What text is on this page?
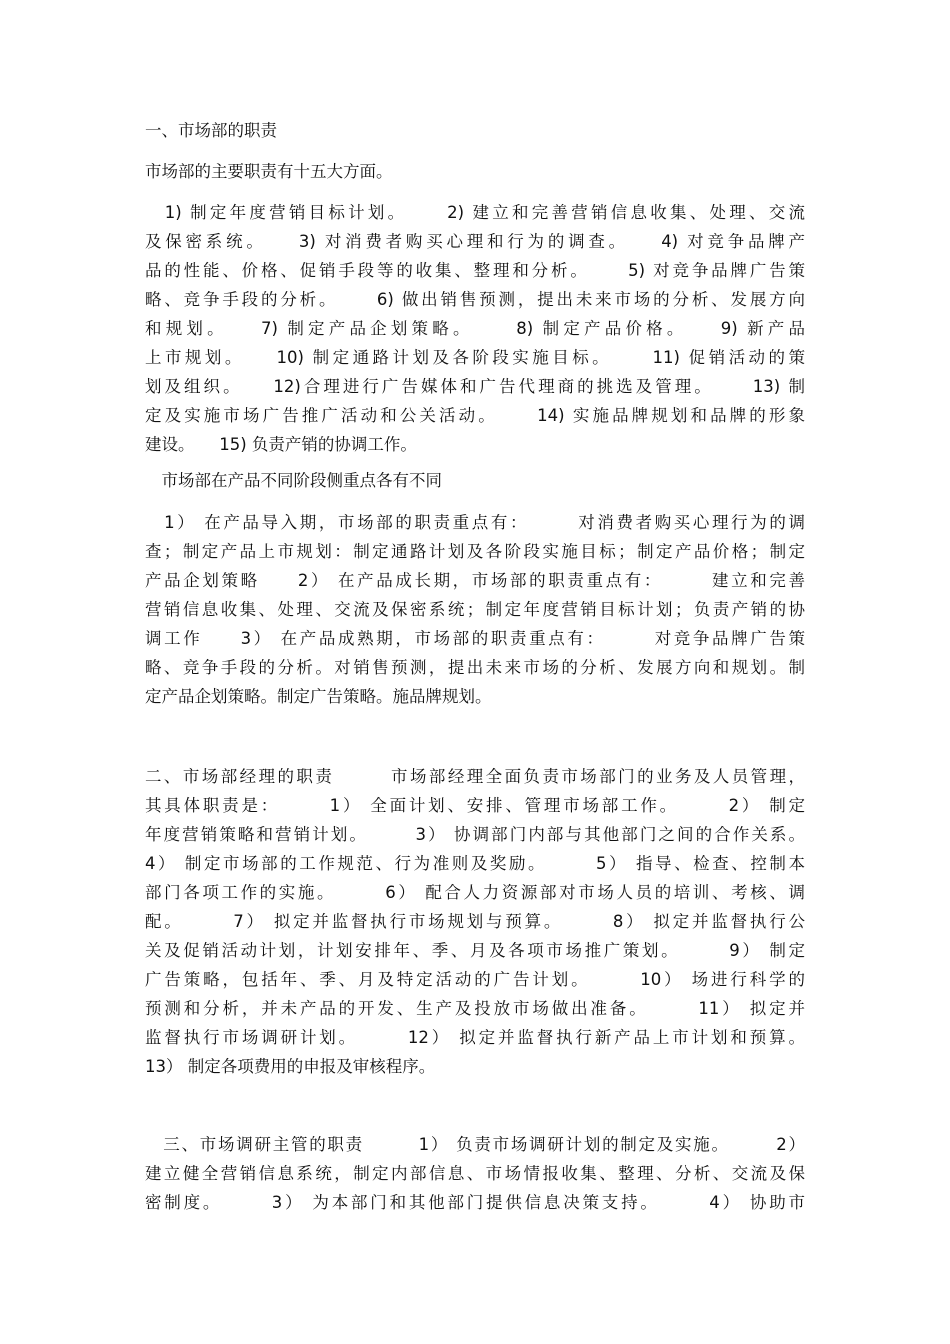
一、市场部的职责
市场部的主要职责有十五大方面。
　1) 制定年度营销目标计划。　　 2) 建立和完善营销信息收集、处理、交流
及保密系统。　　3) 对消费者购买心理和行为的调查。　　4) 对竞争品牌产
品的性能、价格、促销手段等的收集、整理和分析。　　 5) 对竞争品牌广告策
略、竞争手段的分析。　　 6) 做出销售预测，提出未来市场的分析、发展方向
和规划。　　7) 制定产品企划策略。　　 8) 制定产品价格。　　9) 新产品
上市规划。　　10) 制定通路计划及各阶段实施目标。　　 11) 促销活动的策
划及组织。　　12)合理进行广告媒体和广告代理商的挑选及管理。　　 13) 制
定及实施市场广告推广活动和公关活动。　　 14) 实施品牌规划和品牌的形象
建设。　　15) 负责产销的协调工作。
　市场部在产品不同阶段侧重点各有不同
　1） 在产品导入期，市场部的职责重点有：　　　对消费者购买心理行为的调
查；制定产品上市规划：制定通路计划及各阶段实施目标；制定产品价格；制定
产品企划策略　　2） 在产品成长期，市场部的职责重点有：　　　建立和完善
营销信息收集、处理、交流及保密系统；制定年度营销目标计划；负责产销的协
调工作　　3） 在产品成熟期，市场部的职责重点有：　　　对竞争品牌广告策
略、竞争手段的分析。对销售预测，提出未来市场的分析、发展方向和规划。制
定产品企划策略。制定广告策略。施品牌规划。
二、市场部经理的职责　　　市场部经理全面负责市场部门的业务及人员管理，
其具体职责是：　　　1） 全面计划、安排、管理市场部工作。　　　2） 制定
年度营销策略和营销计划。　　　3） 协调部门内部与其他部门之间的合作关系。
4） 制定市场部的工作规范、行为准则及奖励。　　　5） 指导、检查、控制本
部门各项工作的实施。　　　6） 配合人力资源部对市场人员的培训、考核、调
配。　　　7） 拟定并监督执行市场规划与预算。　　　8） 拟定并监督执行公
关及促销活动计划，计划安排年、季、月及各项市场推广策划。　　　9） 制定
广告策略，包括年、季、月及特定活动的广告计划。　　　10） 场进行科学的
预测和分析，并未产品的开发、生产及投放市场做出准备。　　　11） 拟定并
监督执行市场调研计划。　　　12） 拟定并监督执行新产品上市计划和预算。
13） 制定各项费用的申报及审核程序。
　三、市场调研主管的职责　　　1） 负责市场调研计划的制定及实施。　　　2）
建立健全营销信息系统，制定内部信息、市场情报收集、整理、分析、交流及保
密制度。　　　3） 为本部门和其他部门提供信息决策支持。　　　4） 协助市
